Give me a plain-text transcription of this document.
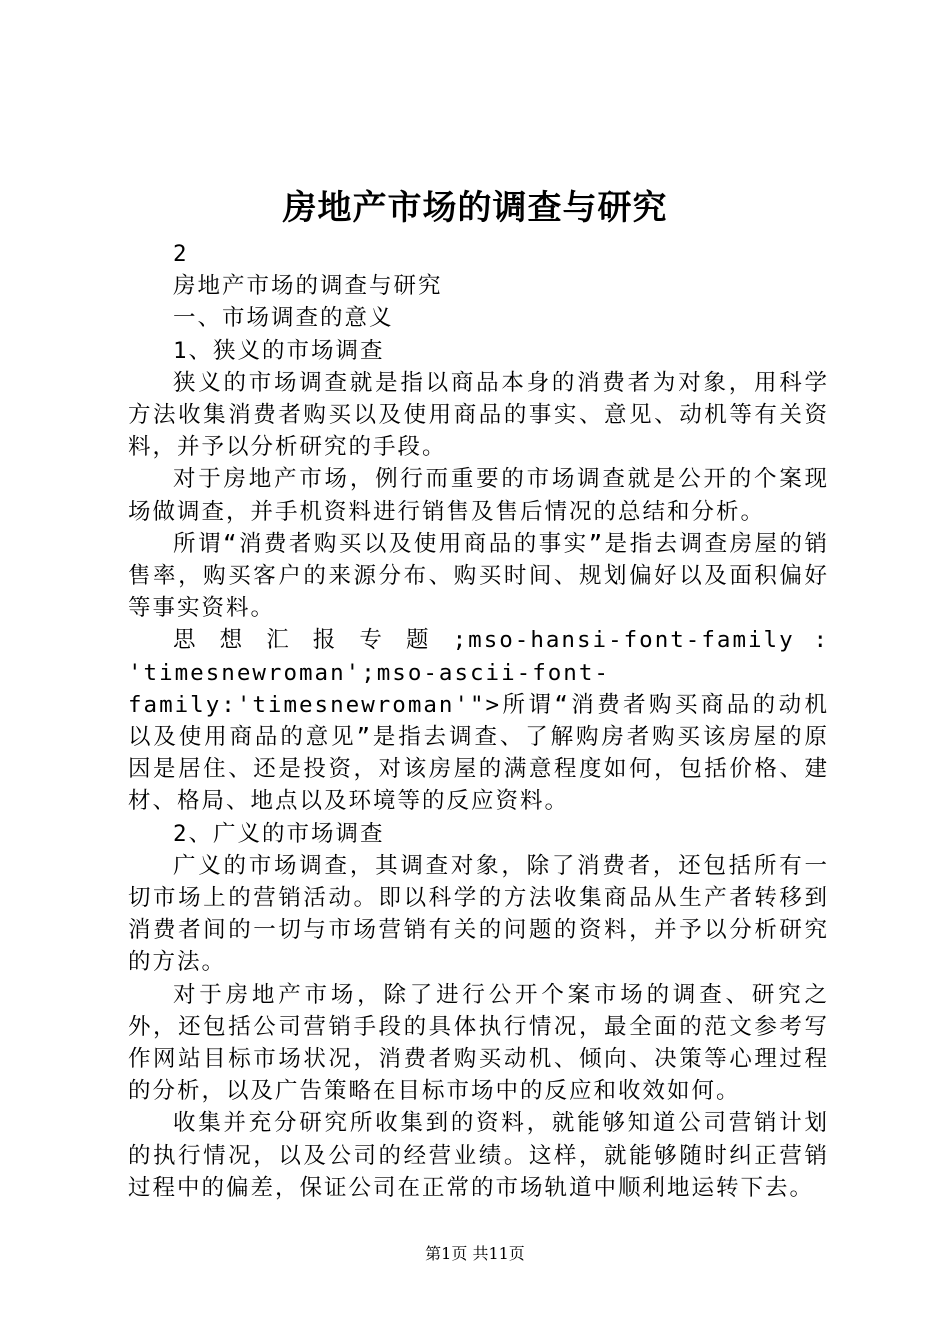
房地产市场的调查与研究

2

房地产市场的调查与研究

一、市场调查的意义

1、狭义的市场调查

狭义的市场调查就是指以商品本身的消费者为对象，用科学方法收集消费者购买以及使用商品的事实、意见、动机等有关资料，并予以分析研究的手段。

对于房地产市场，例行而重要的市场调查就是公开的个案现场做调查，并手机资料进行销售及售后情况的总结和分析。

所谓“消费者购买以及使用商品的事实”是指去调查房屋的销售率，购买客户的来源分布、购买时间、规划偏好以及面积偏好等事实资料。

思 想 汇 报 专 题 ;mso-hansi-font-family : 'timesnewroman';mso-ascii-font-family:'timesnewroman'">所谓“消费者购买商品的动机以及使用商品的意见”是指去调查、了解购房者购买该房屋的原因是居住、还是投资，对该房屋的满意程度如何，包括价格、建材、格局、地点以及环境等的反应资料。

2、广义的市场调查

广义的市场调查，其调查对象，除了消费者，还包括所有一切市场上的营销活动。即以科学的方法收集商品从生产者转移到消费者间的一切与市场营销有关的问题的资料，并予以分析研究的方法。

对于房地产市场，除了进行公开个案市场的调查、研究之外，还包括公司营销手段的具体执行情况，最全面的范文参考写作网站目标市场状况，消费者购买动机、倾向、决策等心理过程的分析，以及广告策略在目标市场中的反应和收效如何。

收集并充分研究所收集到的资料，就能够知道公司营销计划的执行情况，以及公司的经营业绩。这样，就能够随时纠正营销过程中的偏差，保证公司在正常的市场轨道中顺利地运转下去。

第1页 共11页
